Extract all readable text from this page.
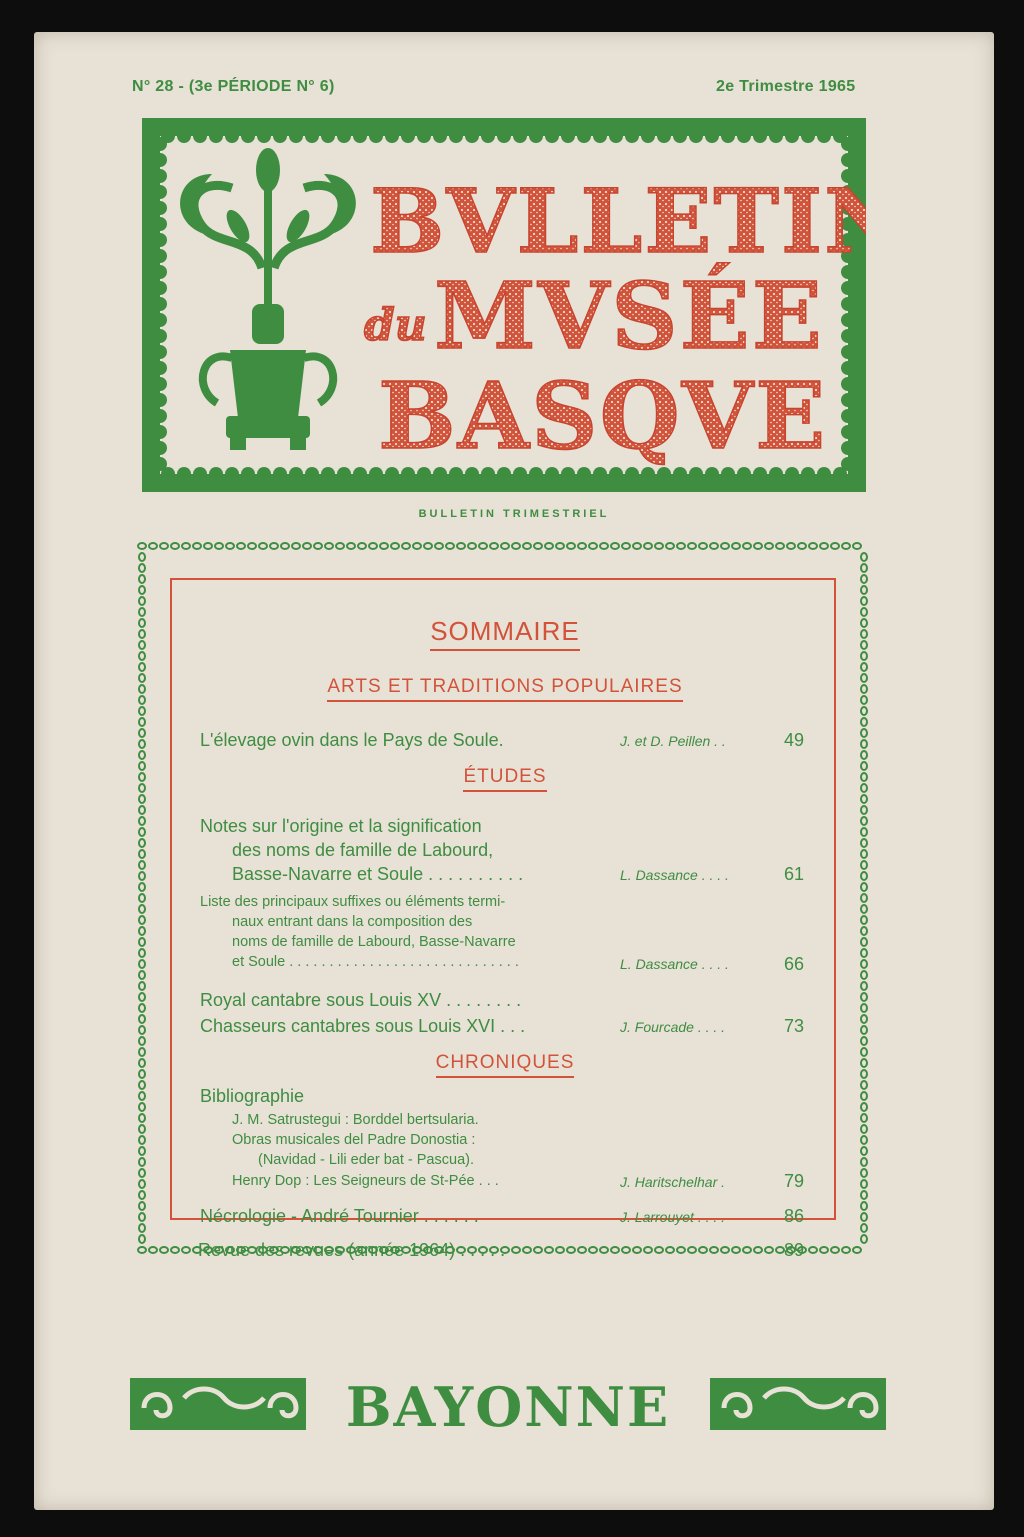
N° 28 - (3e PÉRIODE N° 6)	2e Trimestre 1965
BVLLETIN
du MVSÉE
BASQVE
BULLETIN TRIMESTRIEL
SOMMAIRE
ARTS ET TRADITIONS POPULAIRES
L'élevage ovin dans le Pays de Soule.	J. et D. Peillen . .	49
ÉTUDES
Notes sur l'origine et la signification
des noms de famille de Labourd,
Basse-Navarre et Soule . . . . . . . . . .	L. Dassance . . . .	61
Liste des principaux suffixes ou éléments termi-
naux entrant dans la composition des
noms de famille de Labourd, Basse-Navarre
et Soule . . . . . . . . . . . . . . . . . . . . . . . . . . . . .	L. Dassance . . . .	66
Royal cantabre sous Louis XV . . . . . . . .
Chasseurs cantabres sous Louis XVI . . .	J. Fourcade . . . .	73
CHRONIQUES
Bibliographie
J. M. Satrustegui : Borddel bertsularia.
Obras musicales del Padre Donostia :
(Navidad - Lili eder bat - Pascua).
Henry Dop : Les Seigneurs de St-Pée . . .	J. Haritschelhar .	79
Nécrologie - André Tournier . . . . . .	J. Larrouyet . . . .	86
Revue des revues (année 1964) . . . . .	89
BAYONNE
